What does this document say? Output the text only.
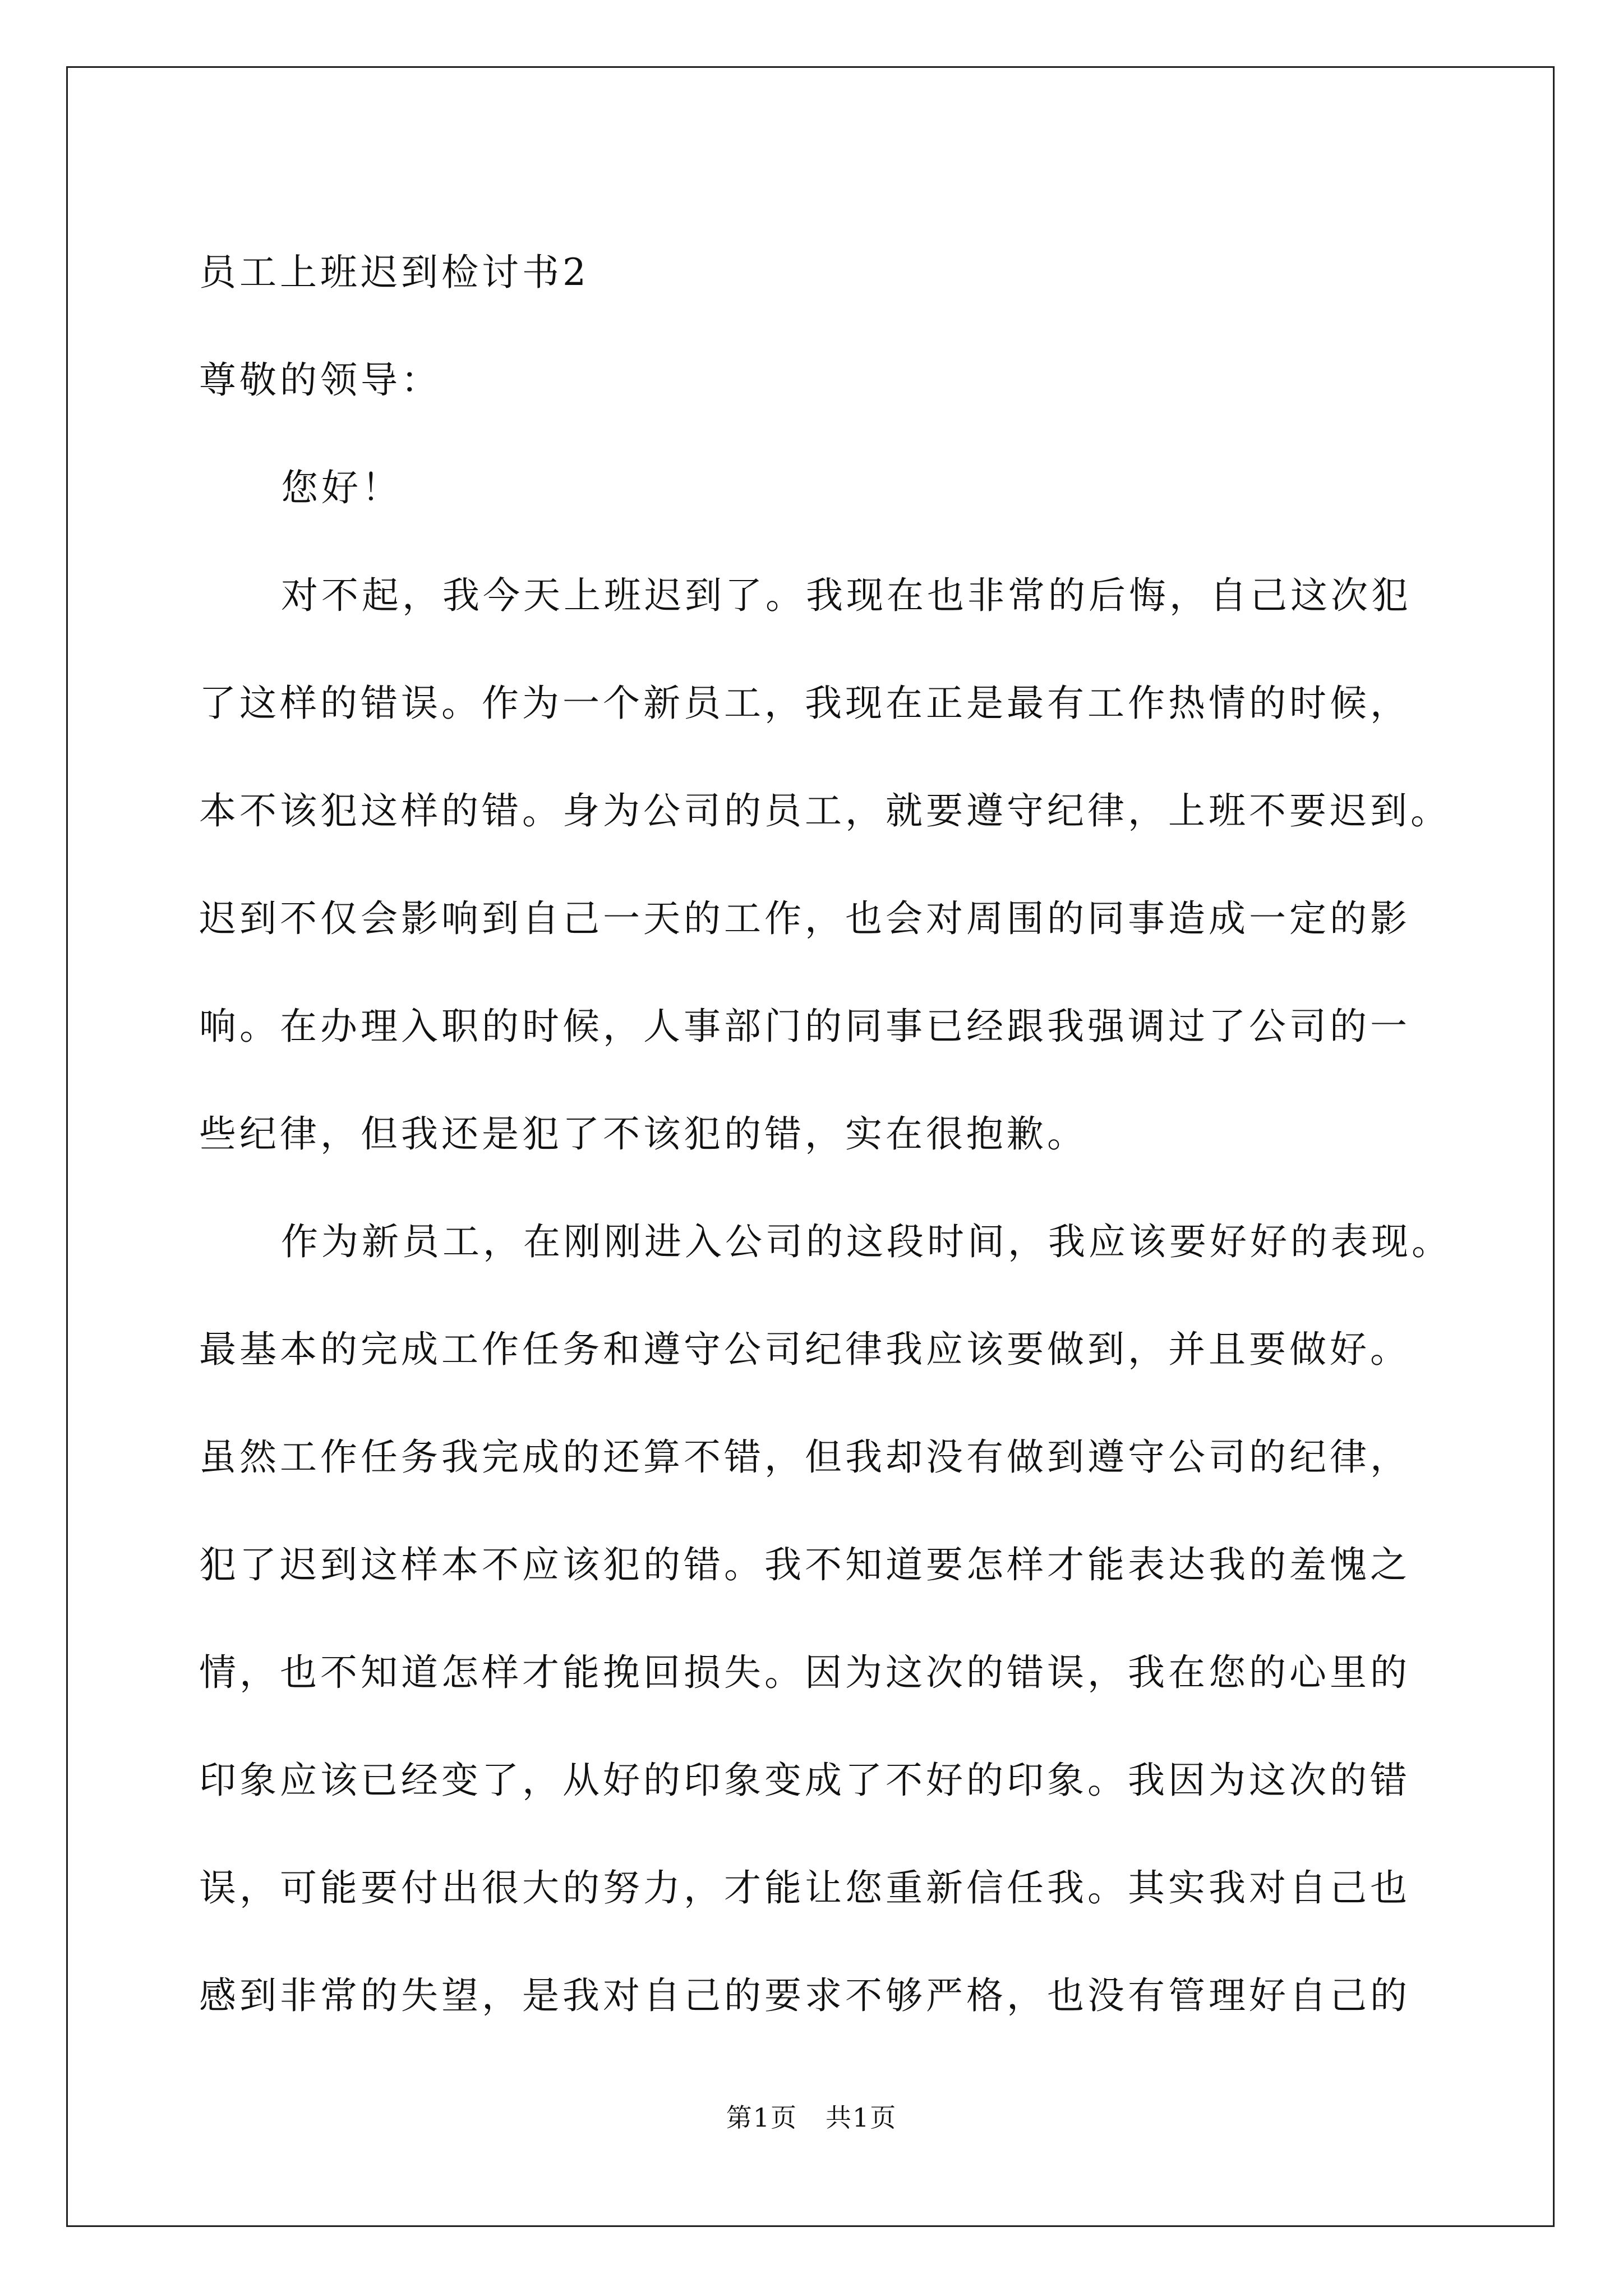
员工上班迟到检讨书2
尊敬的领导：
您好！
对不起，我今天上班迟到了。我现在也非常的后悔，自己这次犯
了这样的错误。作为一个新员工，我现在正是最有工作热情的时候，
本不该犯这样的错。身为公司的员工，就要遵守纪律，上班不要迟到。
迟到不仅会影响到自己一天的工作，也会对周围的同事造成一定的影
响。在办理入职的时候，人事部门的同事已经跟我强调过了公司的一
些纪律，但我还是犯了不该犯的错，实在很抱歉。
作为新员工，在刚刚进入公司的这段时间，我应该要好好的表现。
最基本的完成工作任务和遵守公司纪律我应该要做到，并且要做好。
虽然工作任务我完成的还算不错，但我却没有做到遵守公司的纪律，
犯了迟到这样本不应该犯的错。我不知道要怎样才能表达我的羞愧之
情，也不知道怎样才能挽回损失。因为这次的错误，我在您的心里的
印象应该已经变了，从好的印象变成了不好的印象。我因为这次的错
误，可能要付出很大的努力，才能让您重新信任我。其实我对自己也
感到非常的失望，是我对自己的要求不够严格，也没有管理好自己的
第1页 共1页
